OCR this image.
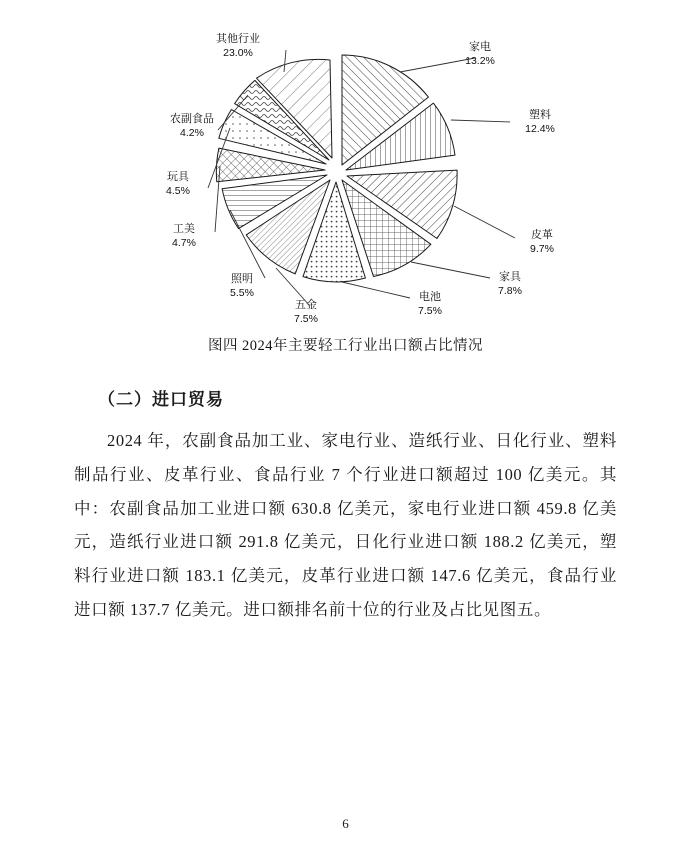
家电
13.2%
塑料
12.4%
皮革
9.7%
家具
7.8%
电池
7.5%
五金
7.5%
照明
5.5%
工美
4.7%
玩具
4.5%
农副食品
4.2%
其他行业
23.0%
图四 2024年主要轻工行业出口额占比情况
（二）进口贸易

2024 年，农副食品加工业、家电行业、造纸行业、日化行业、塑料制品行业、皮革行业、食品行业 7 个行业进口额超过 100 亿美元。其中：农副食品加工业进口额 630.8 亿美元，家电行业进口额 459.8 亿美元，造纸行业进口额 291.8 亿美元，日化行业进口额 188.2 亿美元，塑料行业进口额 183.1 亿美元，皮革行业进口额 147.6 亿美元，食品行业进口额 137.7 亿美元。进口额排名前十位的行业及占比见图五。

6
